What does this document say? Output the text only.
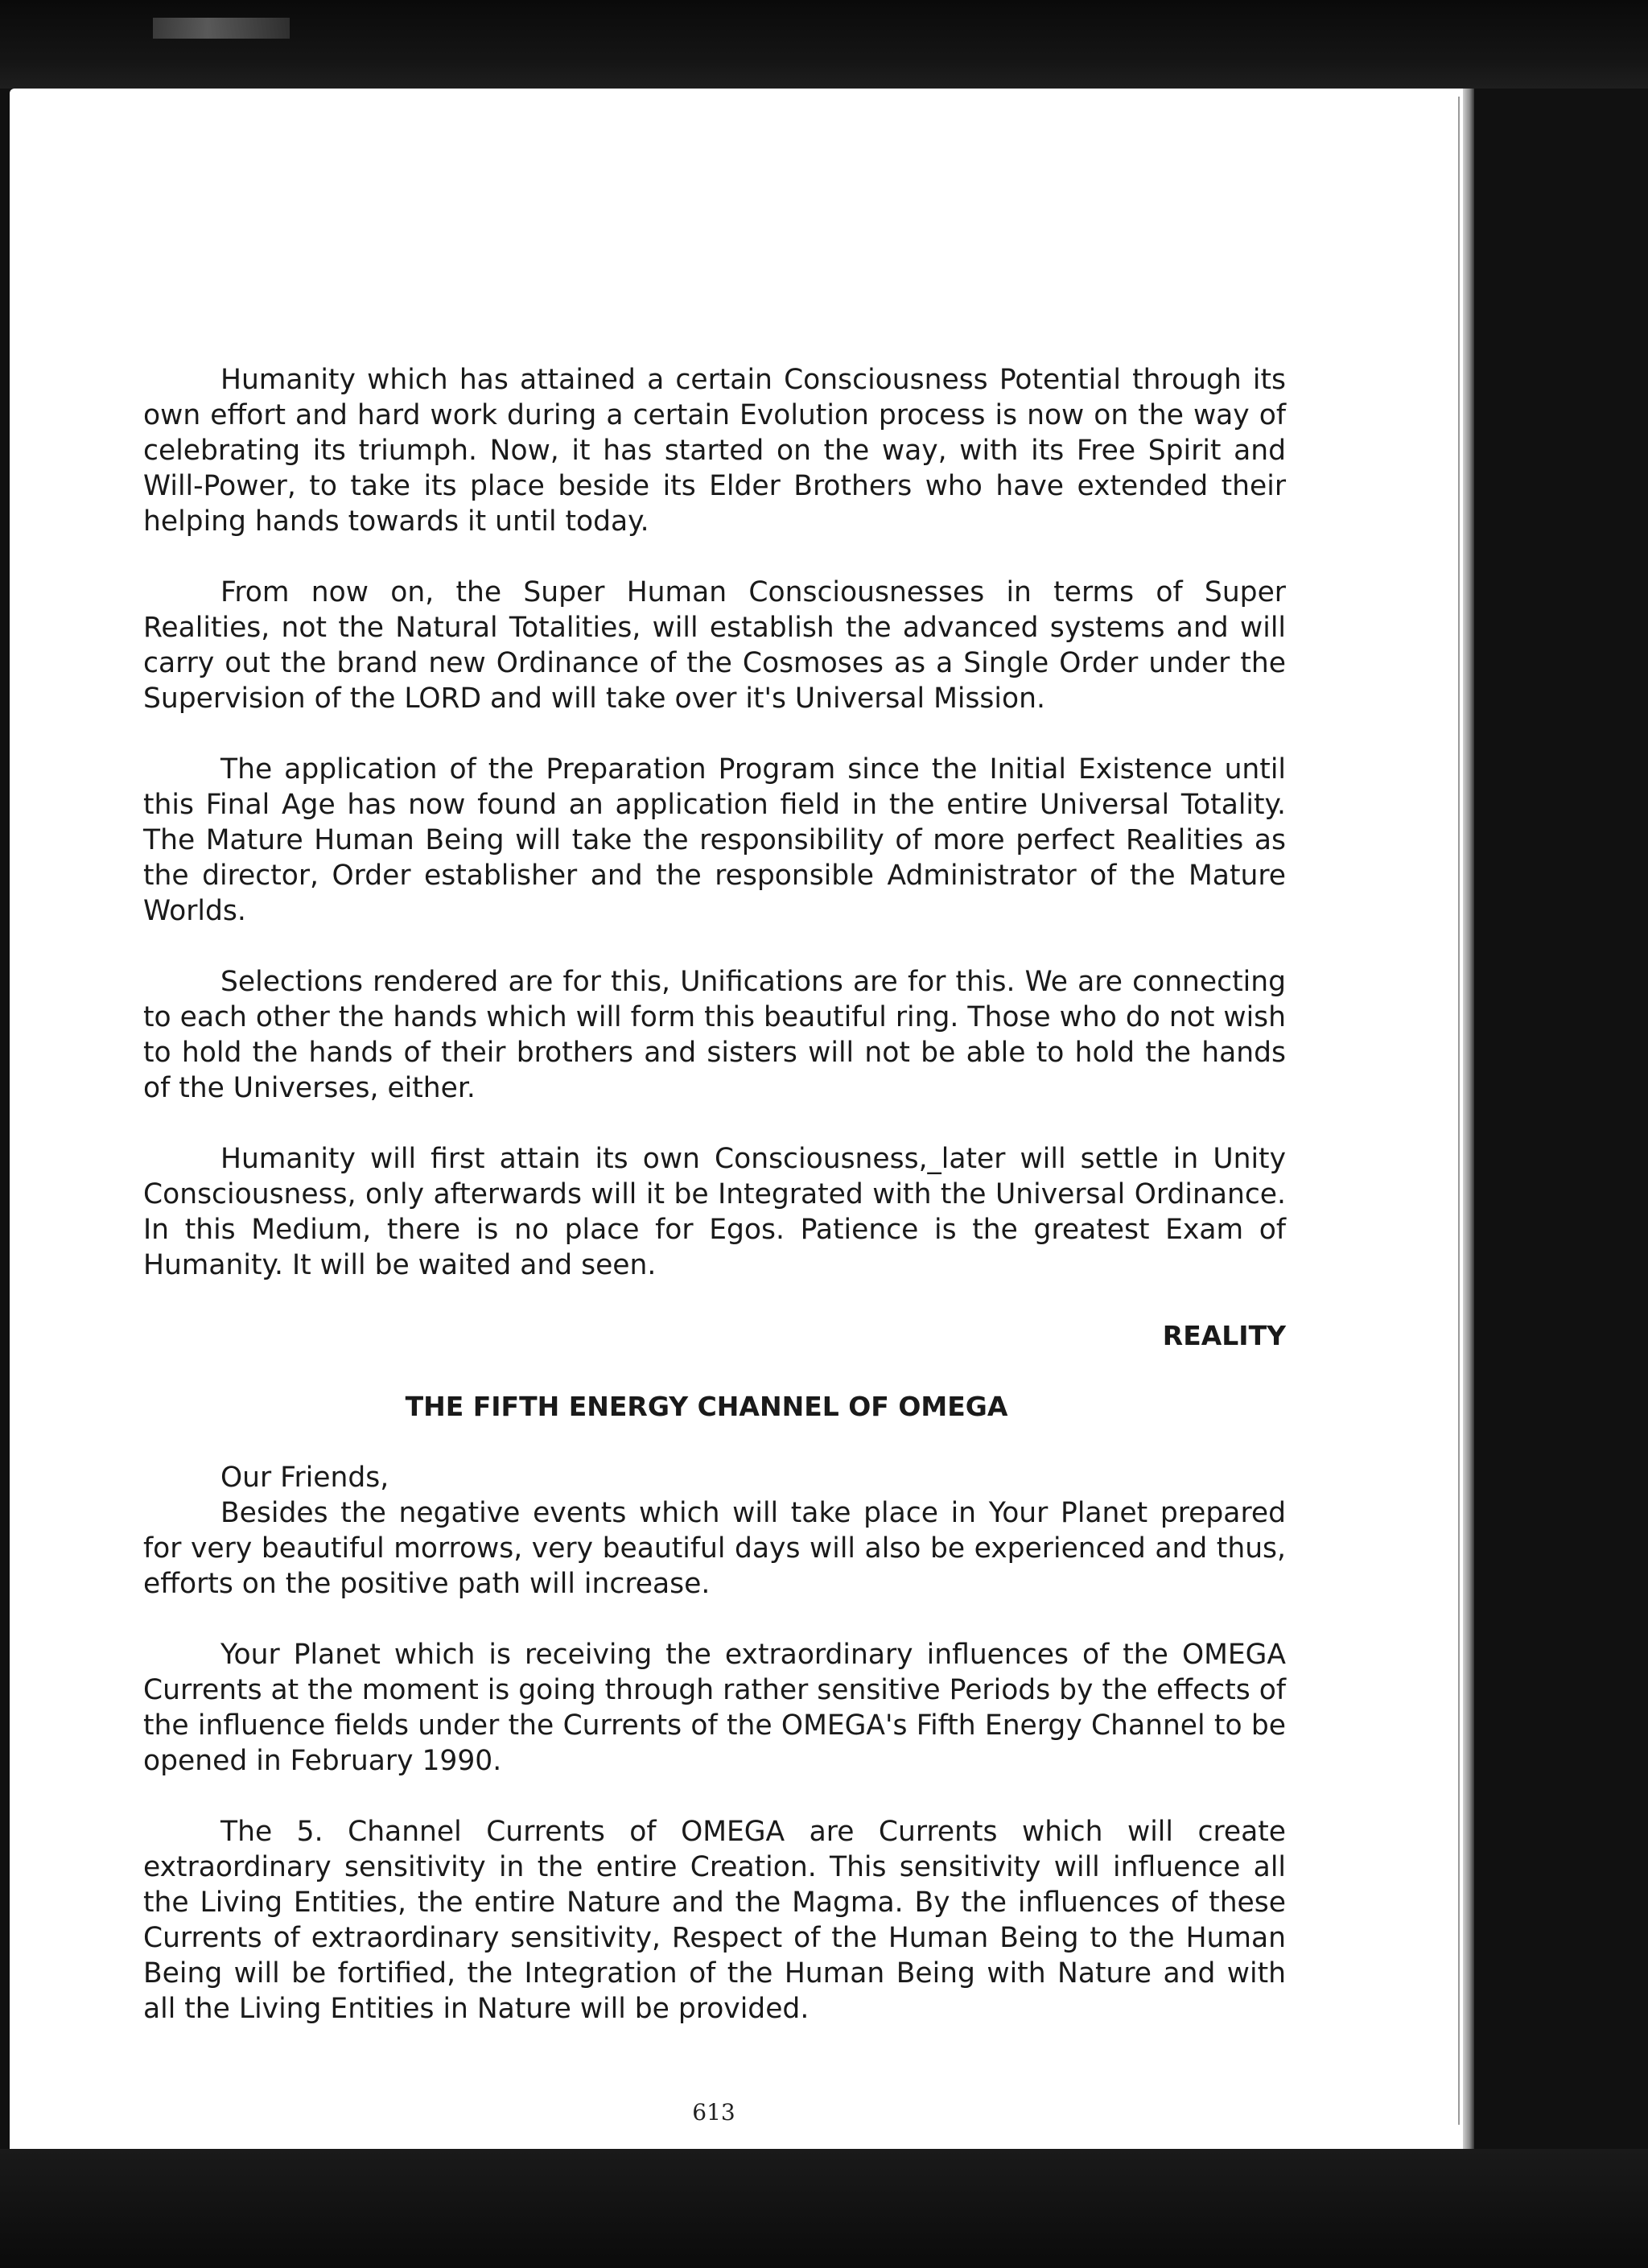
Humanity which has attained a certain Consciousness Potential through its own effort and hard work during a certain Evolution process is now on the way of celebrating its triumph. Now, it has started on the way, with its Free Spirit and Will-Power, to take its place beside its Elder Brothers who have extended their helping hands towards it until today.

From now on, the Super Human Consciousnesses in terms of Super Realities, not the Natural Totalities, will establish the advanced systems and will carry out the brand new Ordinance of the Cosmoses as a Single Order under the Supervision of the LORD and will take over it's Universal Mission.

The application of the Preparation Program since the Initial Existence until this Final Age has now found an application field in the entire Universal Totality. The Mature Human Being will take the responsibility of more perfect Realities as the director, Order establisher and the responsible Administrator of the Mature Worlds.

Selections rendered are for this, Unifications are for this. We are connecting to each other the hands which will form this beautiful ring. Those who do not wish to hold the hands of their brothers and sisters will not be able to hold the hands of the Universes, either.

Humanity will first attain its own Consciousness,_later will settle in Unity Consciousness, only afterwards will it be Integrated with the Universal Ordinance. In this Medium, there is no place for Egos. Patience is the greatest Exam of Humanity. It will be waited and seen.

REALITY

THE FIFTH ENERGY CHANNEL OF OMEGA

Our Friends,

Besides the negative events which will take place in Your Planet prepared for very beautiful morrows, very beautiful days will also be experienced and thus, efforts on the positive path will increase.

Your Planet which is receiving the extraordinary influences of the OMEGA Currents at the moment is going through rather sensitive Periods by the effects of the influence fields under the Currents of the OMEGA's Fifth Energy Channel to be opened in February 1990.

The 5. Channel Currents of OMEGA are Currents which will create extraordinary sensitivity in the entire Creation. This sensitivity will influence all the Living Entities, the entire Nature and the Magma. By the influences of these Currents of extraordinary sensitivity, Respect of the Human Being to the Human Being will be fortified, the Integration of the Human Being with Nature and with all the Living Entities in Nature will be provided.

613
